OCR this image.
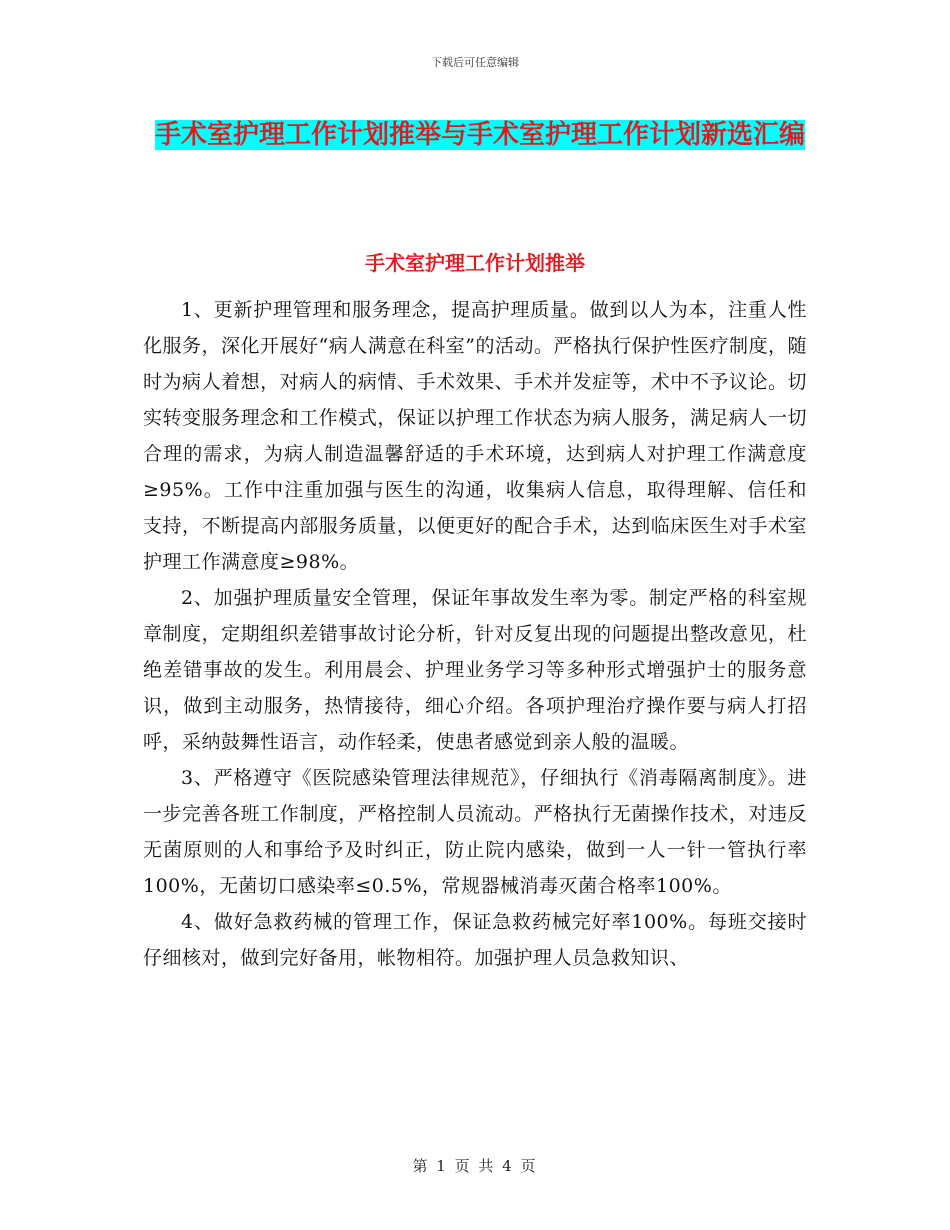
下载后可任意编辑
手术室护理工作计划推举与手术室护理工作计划新选汇编
手术室护理工作计划推举

1、更新护理管理和服务理念，提高护理质量。做到以人为本，注重人性化服务，深化开展好“病人满意在科室”的活动。严格执行保护性医疗制度，随时为病人着想，对病人的病情、手术效果、手术并发症等，术中不予议论。切实转变服务理念和工作模式，保证以护理工作状态为病人服务，满足病人一切合理的需求，为病人制造温馨舒适的手术环境，达到病人对护理工作满意度≥95%。工作中注重加强与医生的沟通，收集病人信息，取得理解、信任和支持，不断提高内部服务质量，以便更好的配合手术，达到临床医生对手术室护理工作满意度≥98%。

2、加强护理质量安全管理，保证年事故发生率为零。制定严格的科室规章制度，定期组织差错事故讨论分析，针对反复出现的问题提出整改意见，杜绝差错事故的发生。利用晨会、护理业务学习等多种形式增强护士的服务意识，做到主动服务，热情接待，细心介绍。各项护理治疗操作要与病人打招呼，采纳鼓舞性语言，动作轻柔，使患者感觉到亲人般的温暖。

3、严格遵守《医院感染管理法律规范》，仔细执行《消毒隔离制度》。进一步完善各班工作制度，严格控制人员流动。严格执行无菌操作技术，对违反无菌原则的人和事给予及时纠正，防止院内感染，做到一人一针一管执行率100%，无菌切口感染率≤0.5%，常规器械消毒灭菌合格率100%。

4、做好急救药械的管理工作，保证急救药械完好率100%。每班交接时仔细核对，做到完好备用，帐物相符。加强护理人员急救知识、

第 1 页 共 4 页
